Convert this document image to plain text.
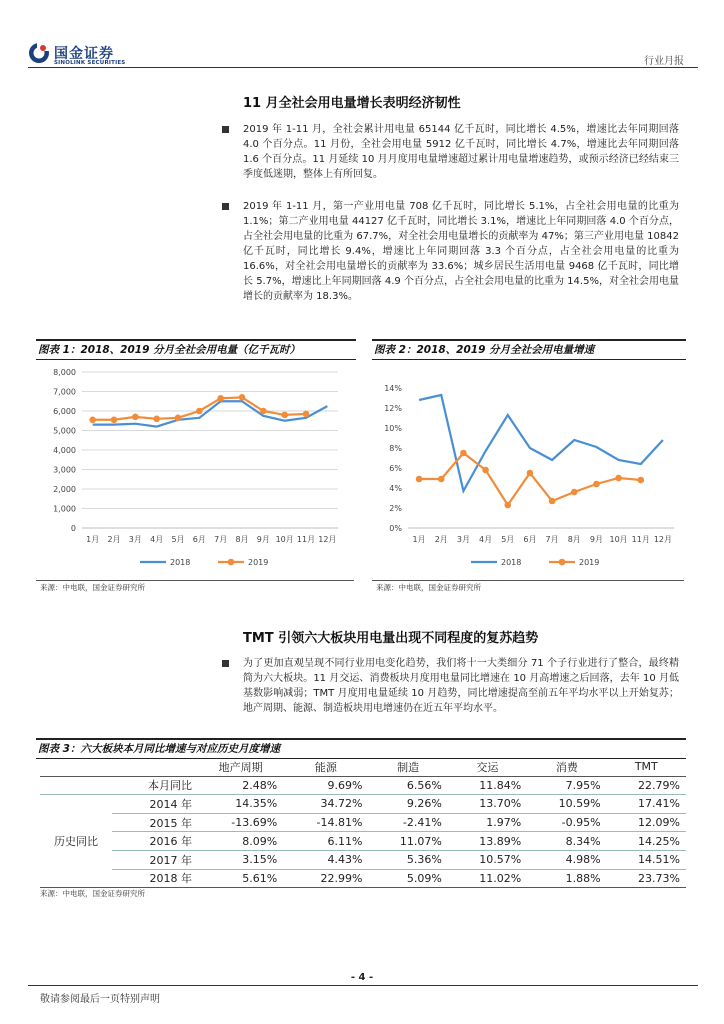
国金证券
SINOLINK SECURITIES	行业月报
11 月全社会用电量增长表明经济韧性
2019 年 1-11 月，全社会累计用电量 65144 亿千瓦时，同比增长 4.5%，增速比去年同期回落 4.0 个百分点。11 月份，全社会用电量 5912 亿千瓦时，同比增长 4.7%，增速比去年同期回落 1.6 个百分点。11 月延续 10 月月度用电量增速超过累计用电量增速趋势，或预示经济已经结束三季度低迷期，整体上有所回复。
2019 年 1-11 月，第一产业用电量 708 亿千瓦时，同比增长 5.1%，占全社会用电量的比重为 1.1%；第二产业用电量 44127 亿千瓦时，同比增长 3.1%，增速比上年同期回落 4.0 个百分点，占全社会用电量的比重为 67.7%，对全社会用电量增长的贡献率为 47%；第三产业用电量 10842 亿千瓦时，同比增长 9.4%，增速比上年同期回落 3.3 个百分点，占全社会用电量的比重为 16.6%，对全社会用电量增长的贡献率为 33.6%；城乡居民生活用电量 9468 亿千瓦时，同比增长 5.7%，增速比上年同期回落 4.9 个百分点，占全社会用电量的比重为 14.5%，对全社会用电量增长的贡献率为 18.3%。
图表 1：2018、2019 分月全社会用电量（亿千瓦时）	图表 2：2018、2019 分月全社会用电量增速
0
1,000
2,000
3,000
4,000
5,000
6,000
7,000
8,000
1月 2月 3月 4月 5月 6月 7月 8月 9月 10月 11月 12月
2018	2019
0%
2%
4%
6%
8%
10%
12%
14%
1月 2月 3月 4月 5月 6月 7月 8月 9月 10月 11月 12月
2018	2019
来源：中电联，国金证券研究所	来源：中电联，国金证券研究所
TMT 引领六大板块用电量出现不同程度的复苏趋势
为了更加直观呈现不同行业用电变化趋势，我们将十一大类细分 71 个子行业进行了整合，最终精简为六大板块。11 月交运、消费板块月度用电量同比增速在 10 月高增速之后回落，去年 10 月低基数影响减弱；TMT 月度用电量延续 10 月趋势，同比增速提高至前五年平均水平以上开始复苏；地产周期、能源、制造板块用电增速仍在近五年平均水平。
图表 3：六大板块本月同比增速与对应历史月度增速
		地产周期	能源	制造	交运	消费	TMT
本月同比		2.48%	9.69%	6.56%	11.84%	7.95%	22.79%
历史同比	2014 年	14.35%	34.72%	9.26%	13.70%	10.59%	17.41%
	2015 年	-13.69%	-14.81%	-2.41%	1.97%	-0.95%	12.09%
	2016 年	8.09%	6.11%	11.07%	13.89%	8.34%	14.25%
	2017 年	3.15%	4.43%	5.36%	10.57%	4.98%	14.51%
	2018 年	5.61%	22.99%	5.09%	11.02%	1.88%	23.73%
来源：中电联，国金证券研究所
- 4 -
敬请参阅最后一页特别声明
